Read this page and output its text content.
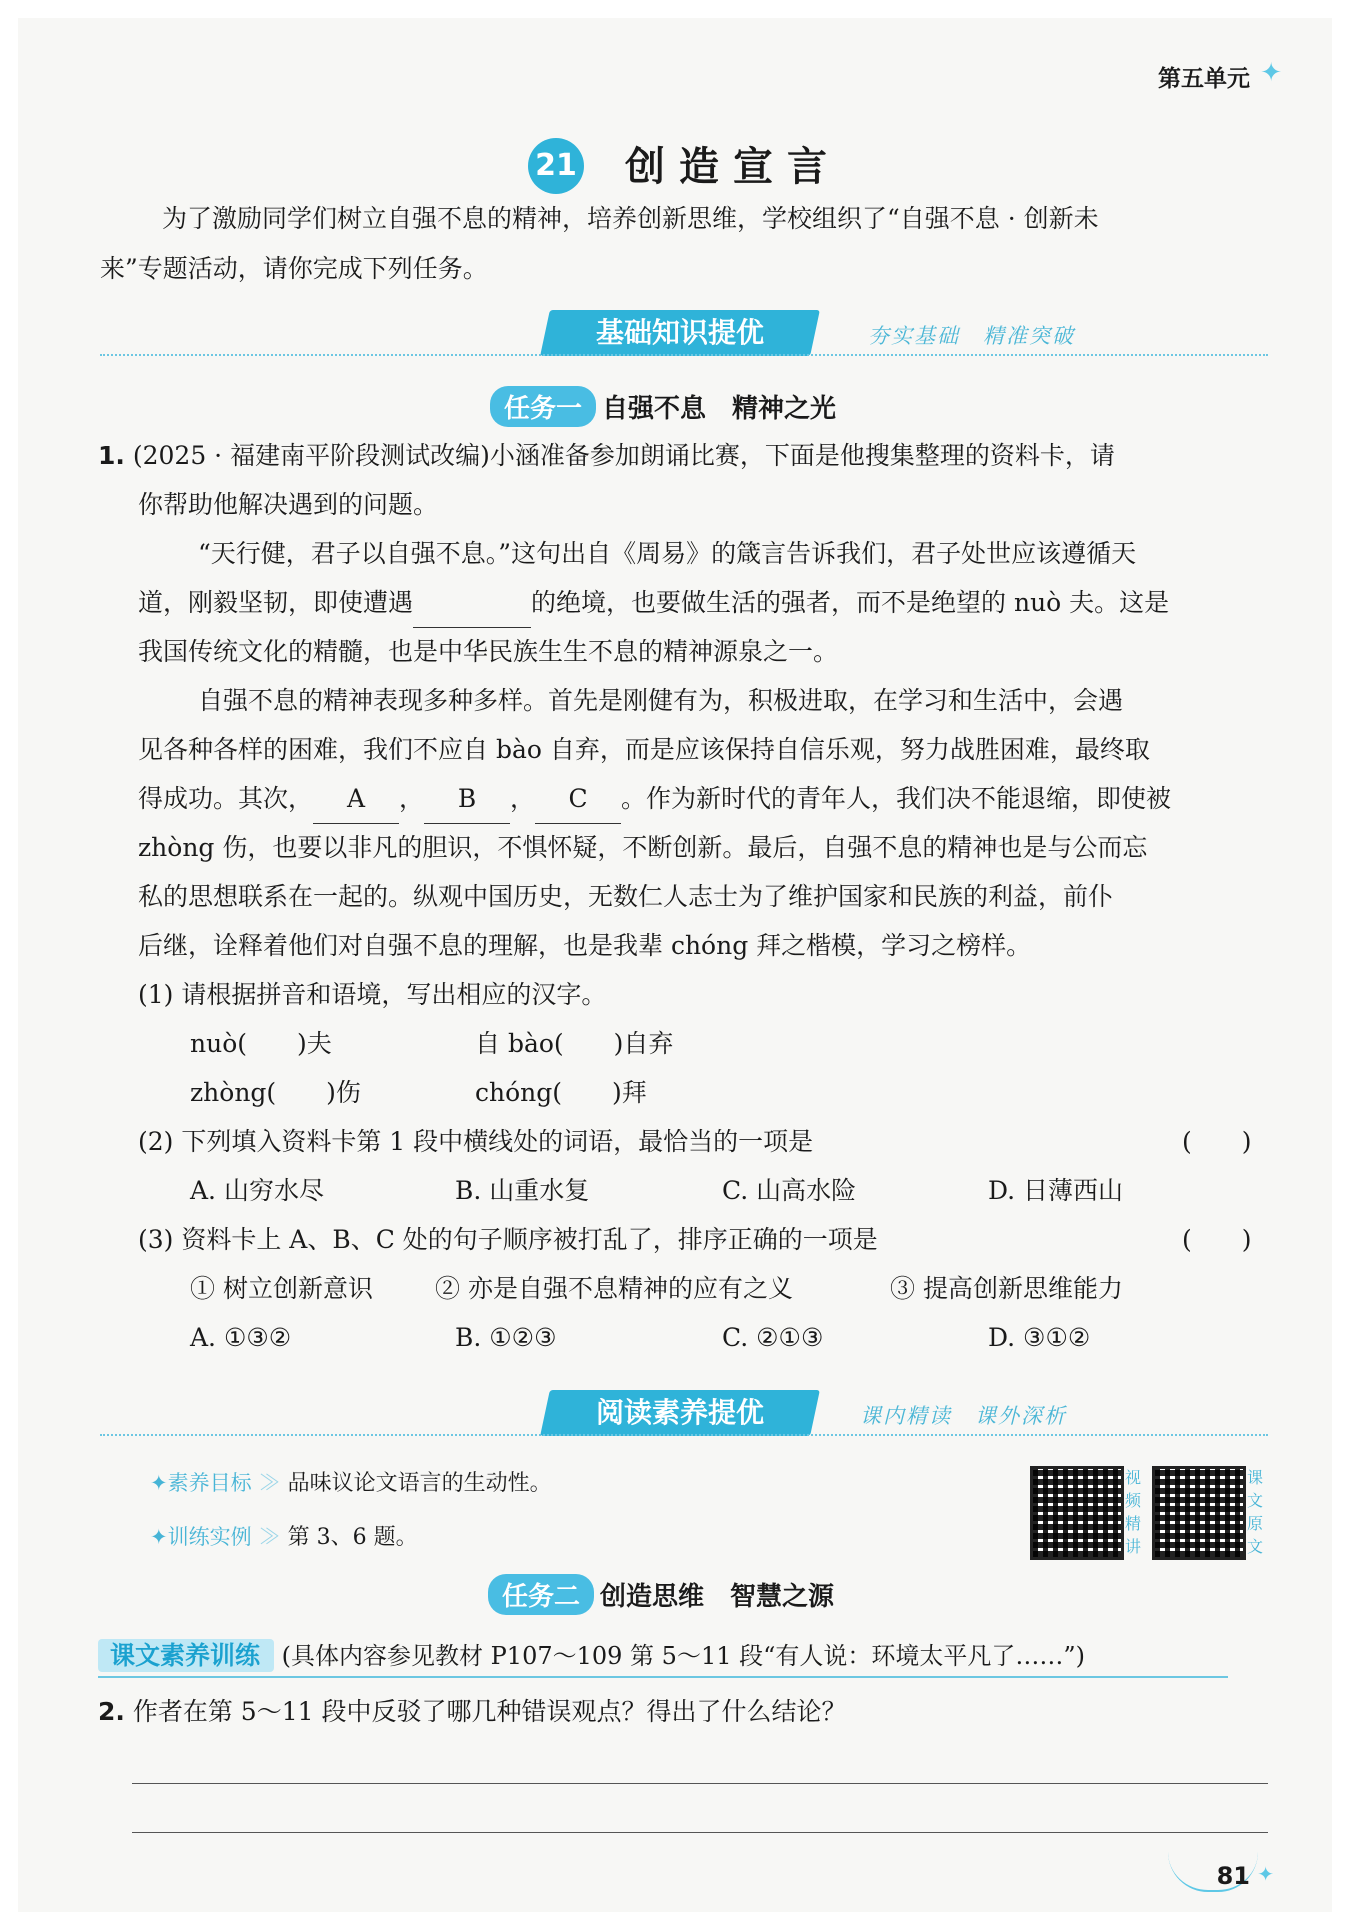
第五单元 ✦
21 创造宣言
为了激励同学们树立自强不息的精神，培养创新思维，学校组织了“自强不息 · 创新未
来”专题活动，请你完成下列任务。
基础知识提优	夯实基础　精准突破
任务一 自强不息　精神之光
1. (2025 · 福建南平阶段测试改编)小涵准备参加朗诵比赛，下面是他搜集整理的资料卡，请
你帮助他解决遇到的问题。
“天行健，君子以自强不息。”这句出自《周易》的箴言告诉我们，君子处世应该遵循天
道，刚毅坚韧，即使遭遇	的绝境，也要做生活的强者，而不是绝望的 nuò 夫。这是
我国传统文化的精髓，也是中华民族生生不息的精神源泉之一。
自强不息的精神表现多种多样。首先是刚健有为，积极进取，在学习和生活中，会遇
见各种各样的困难，我们不应自 bào 自弃，而是应该保持自信乐观，努力战胜困难，最终取
得成功。其次， A ， B ， C 。作为新时代的青年人，我们决不能退缩，即使被
zhòng 伤，也要以非凡的胆识，不惧怀疑，不断创新。最后，自强不息的精神也是与公而忘
私的思想联系在一起的。纵观中国历史，无数仁人志士为了维护国家和民族的利益，前仆
后继，诠释着他们对自强不息的理解，也是我辈 chóng 拜之楷模，学习之榜样。
(1) 请根据拼音和语境，写出相应的汉字。
nuò(　　)夫	自 bào(　　)自弃
zhòng(　　)伤	chóng(　　)拜
(2) 下列填入资料卡第 1 段中横线处的词语，最恰当的一项是	(　　)
A. 山穷水尽	B. 山重水复	C. 山高水险	D. 日薄西山
(3) 资料卡上 A、B、C 处的句子顺序被打乱了，排序正确的一项是	(　　)
① 树立创新意识 ② 亦是自强不息精神的应有之义	③ 提高创新思维能力
A. ①③②	B. ①②③	C. ②①③	D. ③①②
阅读素养提优	课内精读　课外深析
✦素养目标 ≫ 品味议论文语言的生动性。
✦训练实例 ≫ 第 3、6 题。
视频精讲
课文原文
任务二 创造思维　智慧之源
课文素养训练 (具体内容参见教材 P107～109 第 5～11 段“有人说：环境太平凡了……”)
2. 作者在第 5～11 段中反驳了哪几种错误观点？得出了什么结论？
81 ✦
